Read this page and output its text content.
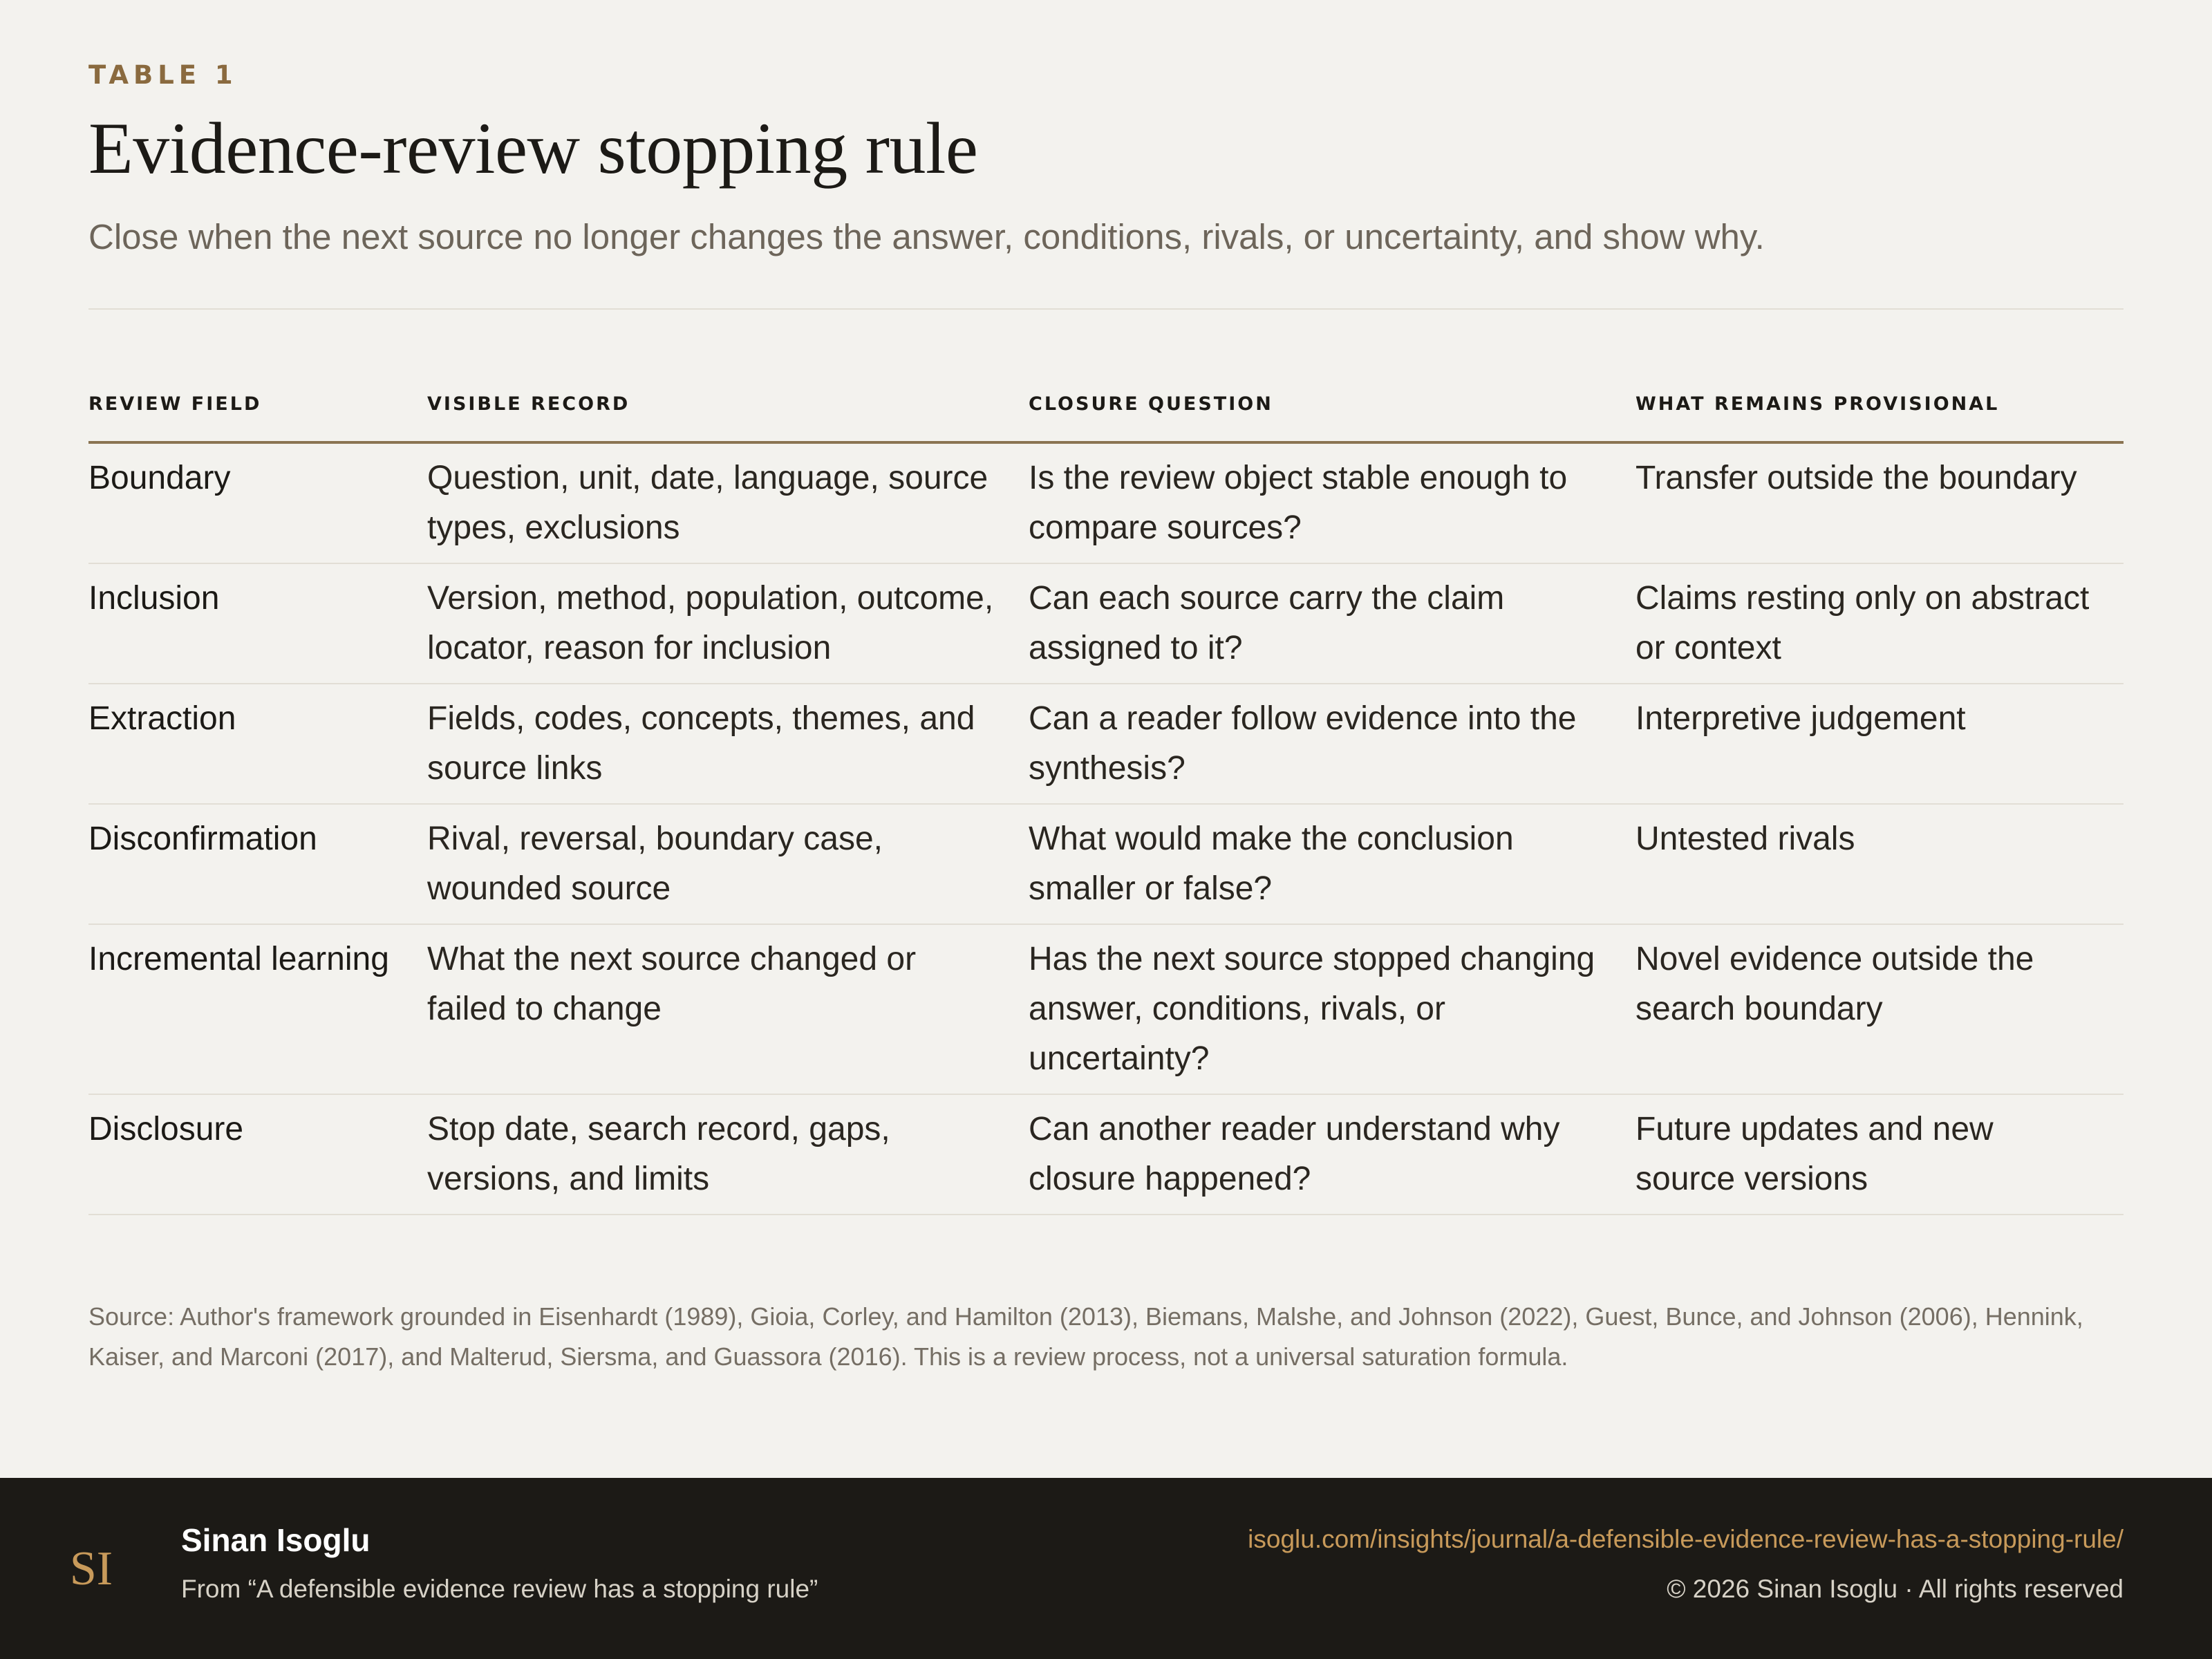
TABLE 1
Evidence-review stopping rule
Close when the next source no longer changes the answer, conditions, rivals, or uncertainty, and show why.
REVIEW FIELD	VISIBLE RECORD	CLOSURE QUESTION	WHAT REMAINS PROVISIONAL
Boundary	Question, unit, date, language, source types, exclusions	Is the review object stable enough to compare sources?	Transfer outside the boundary
Inclusion	Version, method, population, outcome, locator, reason for inclusion	Can each source carry the claim assigned to it?	Claims resting only on abstract or context
Extraction	Fields, codes, concepts, themes, and source links	Can a reader follow evidence into the synthesis?	Interpretive judgement
Disconfirmation	Rival, reversal, boundary case, wounded source	What would make the conclusion smaller or false?	Untested rivals
Incremental learning	What the next source changed or failed to change	Has the next source stopped changing answer, conditions, rivals, or uncertainty?	Novel evidence outside the search boundary
Disclosure	Stop date, search record, gaps, versions, and limits	Can another reader understand why closure happened?	Future updates and new source versions
Source: Author's framework grounded in Eisenhardt (1989), Gioia, Corley, and Hamilton (2013), Biemans, Malshe, and Johnson (2022), Guest, Bunce, and Johnson (2006), Hennink, Kaiser, and Marconi (2017), and Malterud, Siersma, and Guassora (2016). This is a review process, not a universal saturation formula.
SI
Sinan Isoglu
From “A defensible evidence review has a stopping rule”
isoglu.com/insights/journal/a-defensible-evidence-review-has-a-stopping-rule/
© 2026 Sinan Isoglu · All rights reserved
